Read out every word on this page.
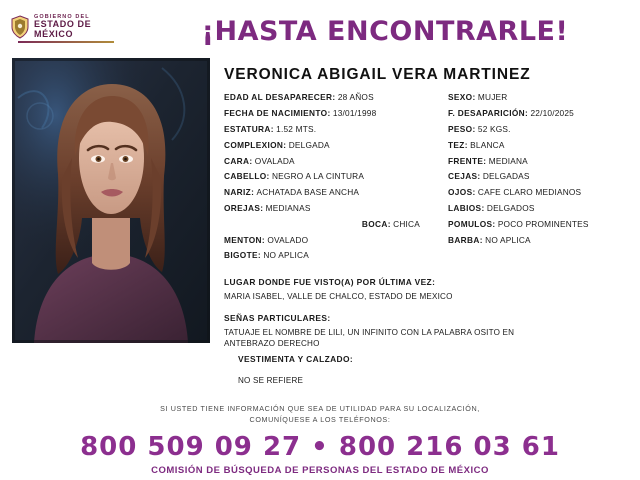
GOBIERNO DEL
ESTADO DE MÉXICO	¡HASTA ENCONTRARLE!
VERONICA ABIGAIL VERA MARTINEZ
EDAD AL DESAPARECER: 28 AÑOS
FECHA DE NACIMIENTO: 13/01/1998
ESTATURA: 1.52 MTS.
COMPLEXION: DELGADA
CARA: OVALADA
CABELLO: NEGRO A LA CINTURA
NARIZ: ACHATADA BASE ANCHA
OREJAS: MEDIANAS
BOCA: CHICA
MENTON: OVALADO
BIGOTE: NO APLICA
SEXO: MUJER
F. DESAPARICIÓN: 22/10/2025
PESO: 52 KGS.
TEZ: BLANCA
FRENTE: MEDIANA
CEJAS: DELGADAS
OJOS: CAFE CLARO MEDIANOS
LABIOS: DELGADOS
POMULOS: POCO PROMINENTES
BARBA: NO APLICA
LUGAR DONDE FUE VISTO(A) POR ÚLTIMA VEZ:
MARIA ISABEL, VALLE DE CHALCO, ESTADO DE MEXICO
SEÑAS PARTICULARES:
TATUAJE EL NOMBRE DE LILI, UN INFINITO CON LA PALABRA OSITO EN ANTEBRAZO DERECHO
VESTIMENTA Y CALZADO:
NO SE REFIERE
SI USTED TIENE INFORMACIÓN QUE SEA DE UTILIDAD PARA SU LOCALIZACIÓN,
COMUNÍQUESE A LOS TELÉFONOS:
800 509 09 27 • 800 216 03 61
COMISIÓN DE BÚSQUEDA DE PERSONAS DEL ESTADO DE MÉXICO
